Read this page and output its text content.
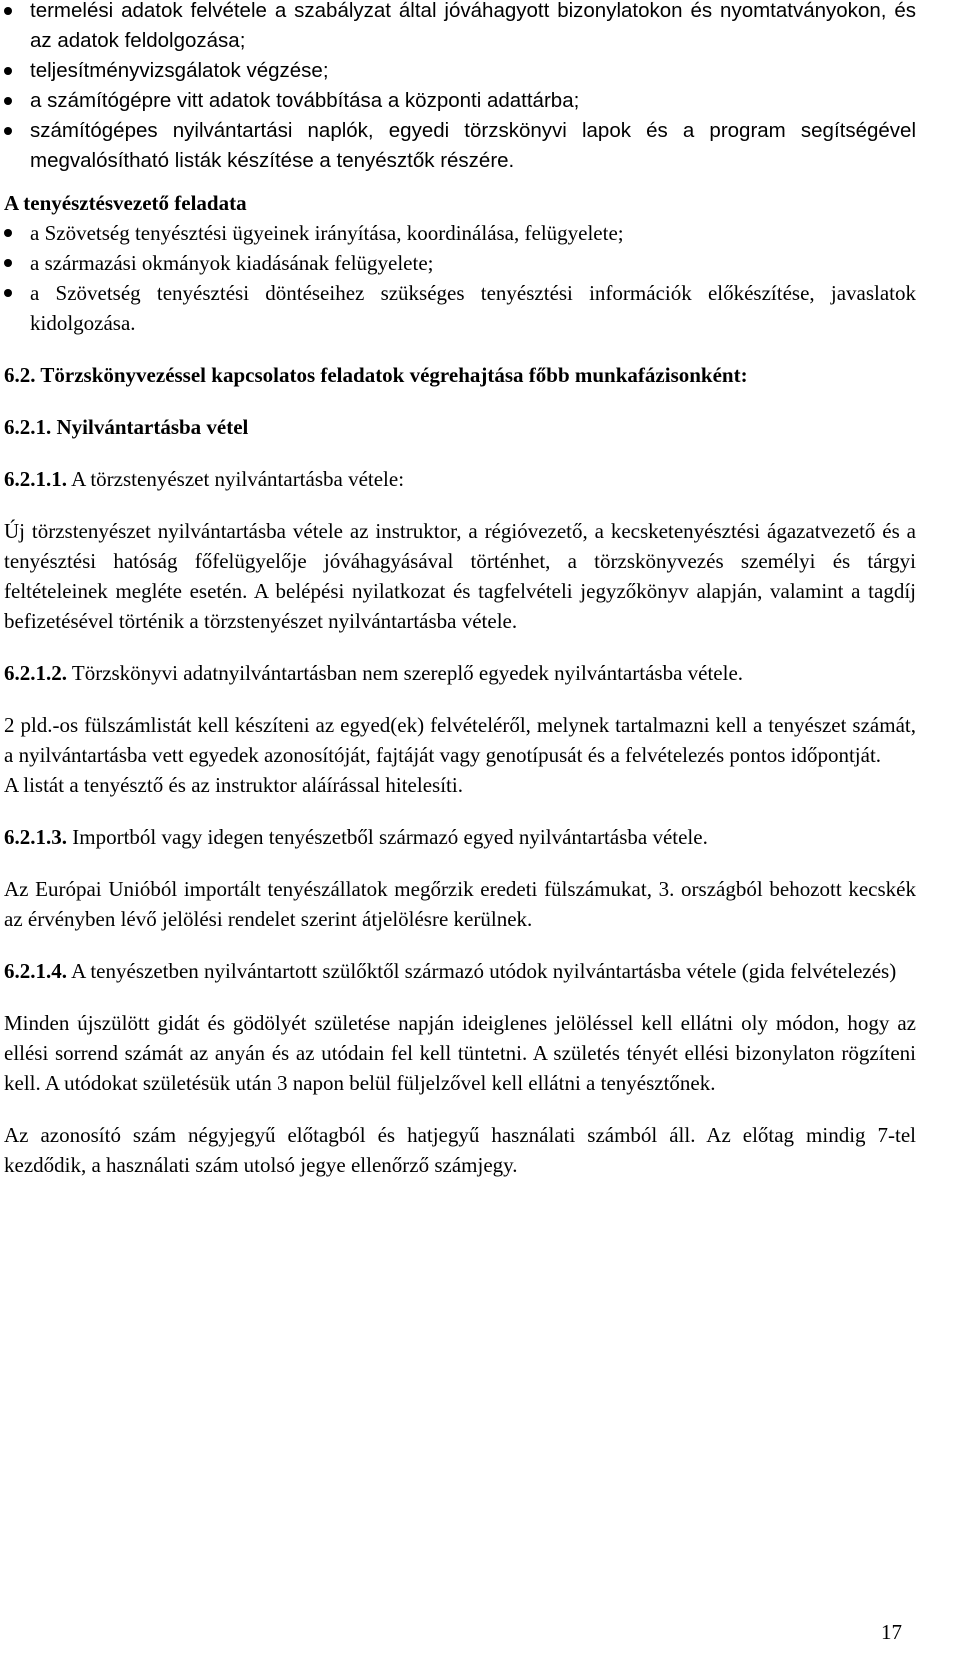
termelési adatok felvétele a szabályzat által jóváhagyott bizonylatokon és nyomtatványokon, és az adatok feldolgozása;
teljesítményvizsgálatok végzése;
a számítógépre vitt adatok továbbítása a központi adattárba;
számítógépes nyilvántartási naplók, egyedi törzskönyvi lapok és a program segítségével megvalósítható listák készítése a tenyésztők részére.

A tenyésztésvezető feladata

a Szövetség tenyésztési ügyeinek irányítása, koordinálása, felügyelete;
a származási okmányok kiadásának felügyelete;
a Szövetség tenyésztési döntéseihez szükséges tenyésztési információk előkészítése, javaslatok kidolgozása.

6.2. Törzskönyvezéssel kapcsolatos feladatok végrehajtása főbb munkafázisonként:

6.2.1. Nyilvántartásba vétel

6.2.1.1. A törzstenyészet nyilvántartásba vétele:

Új törzstenyészet nyilvántartásba vétele az instruktor, a régióvezető, a kecsketenyésztési ágazatvezető és a tenyésztési hatóság főfelügyelője jóváhagyásával történhet, a törzskönyvezés személyi és tárgyi feltételeinek megléte esetén. A belépési nyilatkozat és tagfelvételi jegyzőkönyv alapján, valamint a tagdíj befizetésével történik a törzstenyészet nyilvántartásba vétele.

6.2.1.2. Törzskönyvi adatnyilvántartásban nem szereplő egyedek nyilvántartásba vétele.

2 pld.-os fülszámlistát kell készíteni az egyed(ek) felvételéről, melynek tartalmazni kell a tenyészet számát, a nyilvántartásba vett egyedek azonosítóját, fajtáját vagy genotípusát és a felvételezés pontos időpontját.

A listát a tenyésztő és az instruktor aláírással hitelesíti.

6.2.1.3. Importból vagy idegen tenyészetből származó egyed nyilvántartásba vétele.

Az Európai Unióból importált tenyészállatok megőrzik eredeti fülszámukat, 3. országból behozott kecskék az érvényben lévő jelölési rendelet szerint átjelölésre kerülnek.

6.2.1.4. A tenyészetben nyilvántartott szülőktől származó utódok nyilvántartásba vétele (gida felvételezés)

Minden újszülött gidát és gödölyét születése napján ideiglenes jelöléssel kell ellátni oly módon, hogy az ellési sorrend számát az anyán és az utódain fel kell tüntetni. A születés tényét ellési bizonylaton rögzíteni kell. A utódokat születésük után 3 napon belül füljelzővel kell ellátni a tenyésztőnek.

Az azonosító szám négyjegyű előtagból és hatjegyű használati számból áll. Az előtag mindig 7-tel kezdődik, a használati szám utolsó jegye ellenőrző számjegy.

17
